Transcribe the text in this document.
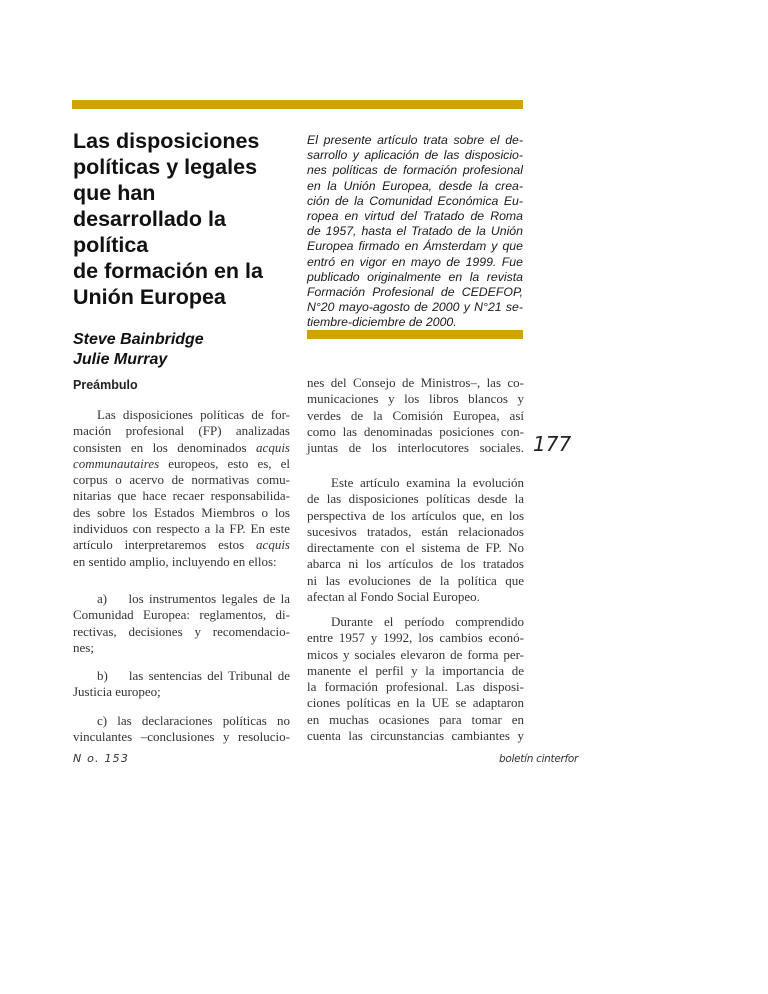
Las disposiciones
políticas y legales
que han
desarrollado la
política
de formación en la
Unión Europea
El presente artículo trata sobre el de-
sarrollo y aplicación de las disposicio-
nes políticas de formación profesional
en la Unión Europea, desde la crea-
ción de la Comunidad Económica Eu-
ropea en virtud del Tratado de Roma
de 1957, hasta el Tratado de la Unión
Europea firmado en Ámsterdam y que
entró en vigor en mayo de 1999. Fue
publicado originalmente en la revista
Formación Profesional de CEDEFOP,
N°20 mayo-agosto de 2000 y N°21 se-
tiembre-diciembre de 2000.
Steve Bainbridge
Julie Murray
Preámbulo

Las disposiciones políticas de for-
mación profesional (FP) analizadas
consisten en los denominados acquis
communautaires europeos, esto es, el
corpus o acervo de normativas comu-
nitarias que hace recaer responsabilida-
des sobre los Estados Miembros o los
individuos con respecto a la FP. En este
artículo interpretaremos estos acquis
en sentido amplio, incluyendo en ellos:

a)    los instrumentos legales de la
Comunidad Europea: reglamentos, di-
rectivas, decisiones y recomendacio-
nes;

b)    las sentencias del Tribunal de
Justicia europeo;

c) las declaraciones políticas no
vinculantes –conclusiones y resolucio-

nes del Consejo de Ministros–, las co-
municaciones y los libros blancos y
verdes de la Comisión Europea, así
como las denominadas posiciones con-
juntas de los interlocutores sociales.

Este artículo examina la evolución
de las disposiciones políticas desde la
perspectiva de los artículos que, en los
sucesivos tratados, están relacionados
directamente con el sistema de FP. No
abarca ni los artículos de los tratados
ni las evoluciones de la política que
afectan al Fondo Social Europeo.

Durante el período comprendido
entre 1957 y 1992, los cambios econó-
micos y sociales elevaron de forma per-
manente el perfil y la importancia de
la formación profesional. Las disposi-
ciones políticas en la UE se adaptaron
en muchas ocasiones para tomar en
cuenta las circunstancias cambiantes y

177
N o. 153	boletín cinterfor
